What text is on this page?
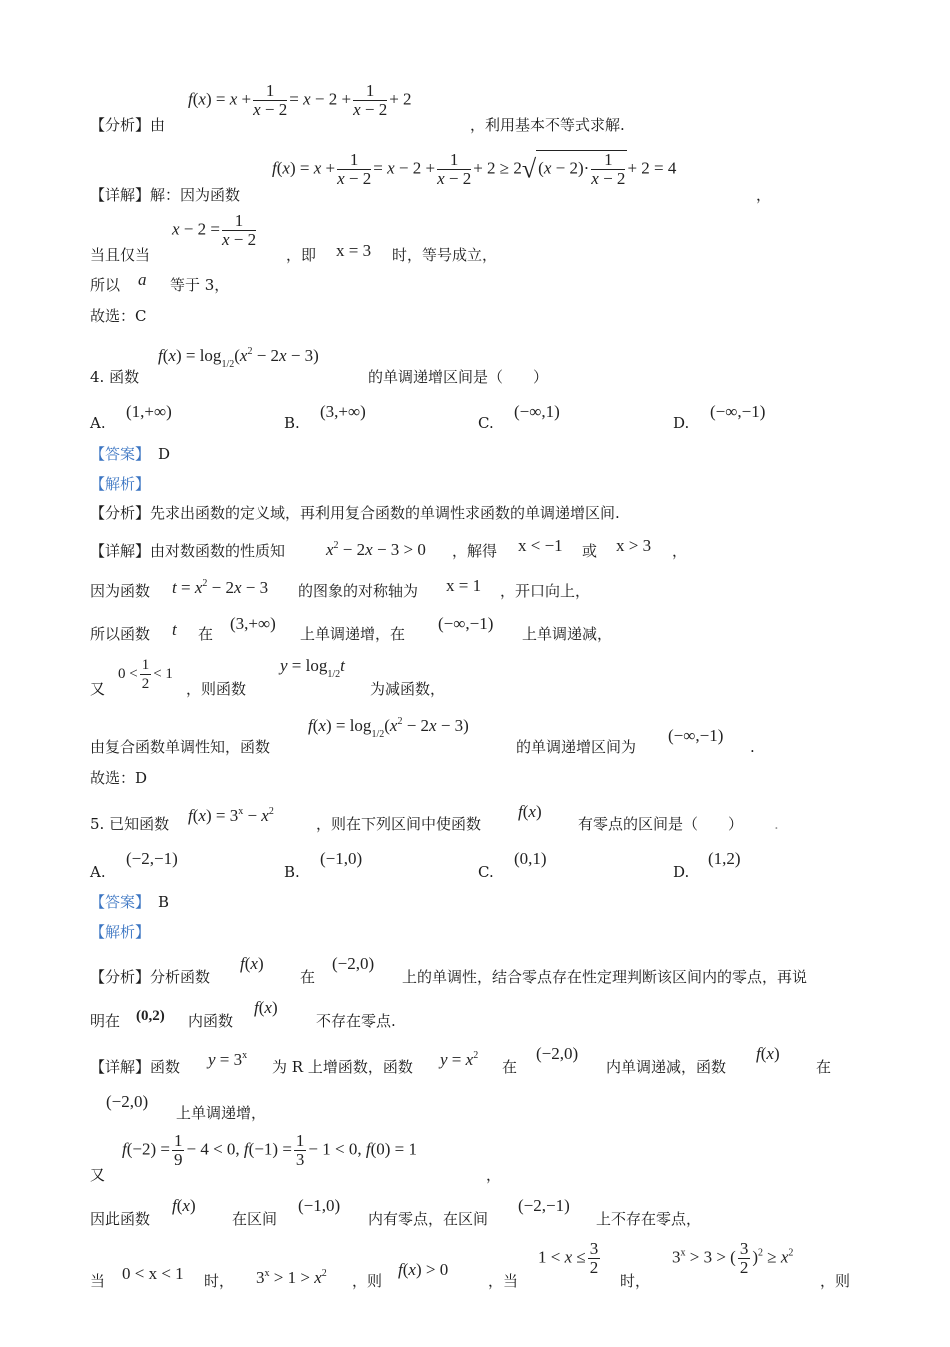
【分析】由
$f(x) = x + \frac{1}{x - 2} = x - 2 + \frac{1}{x - 2} + 2$
，利用基本不等式求解.
【详解】解：因为函数
$f(x) = x + \frac{1}{x - 2} = x - 2 + \frac{1}{x - 2} + 2 \ge 2√$ $(x - 2)\cdot \frac{1}{x - 2} + 2 = 4$
，
当且仅当
$x - 2 = \frac{1}{x - 2}$
，即 x = 3 时，等号成立，
所以 a 等于 3，
故选：C
4. 函数
$f(x) = \log_{1/2}(x^2 - 2x - 3)$
的单调递增区间是（　　）
A.
(1,+∞)
B.
(3,+∞)
C.
(−∞,1)
D.
(−∞,−1)
【答案】 D
【解析】
【分析】先求出函数的定义域，再利用复合函数的单调性求函数的单调递增区间.
【详解】由对数函数的性质知 $x^2 - 2x - 3 > 0$ ，解得 x < −1 或 x > 3 ，
因为函数 $t = x^2 - 2x - 3$ 的图象的对称轴为 x = 1 ，开口向上，
所以函数 t 在
(3,+∞)
上单调递增，在
(−∞,−1)
上单调递减，
又
$0 < \frac{1}{2} < 1$
，则函数
$y = \log_{1/2}t$
为减函数，
由复合函数单调性知，函数
$f(x) = \log_{1/2}(x^2 - 2x - 3)$
的单调递增区间为
(−∞,−1)
.
故选：D
5. 已知函数 $f(x) = 3^x - x^2$
，则在下列区间中使函数
f(x)
有零点的区间是（　　） .
A.
(−2,−1)
B.
(−1,0)
C.
(0,1)
D.
(1,2)
【答案】 B
【解析】
【分析】分析函数
f(x)
在
(−2,0)
上的单调性，结合零点存在性定理判断该区间内的零点，再说
明在 (0,2) 内函数
f(x)
不存在零点.
【详解】函数 $y = 3^x$
为 R 上增函数，函数 $y = x^2$
在
(−2,0)
内单调递减，函数
f(x)
在
(−2,0)
上单调递增，
又
$f(-2) = \frac{1}{9} - 4 < 0$, $f(-1) = \frac{1}{3} - 1 < 0$, f(0) = 1
，
因此函数
f(x)
在区间
(−1,0)
内有零点，在区间
(−2,−1)
上不存在零点，
当 0 < x < 1 时， $3^x > 1 > x^2$ ，则
f(x) > 0
，当
$1 < x \le \frac{3}{2}$
时，
$3^x > 3$ > ( $\frac{3}{2} )^2 \ge x^2$
，则
